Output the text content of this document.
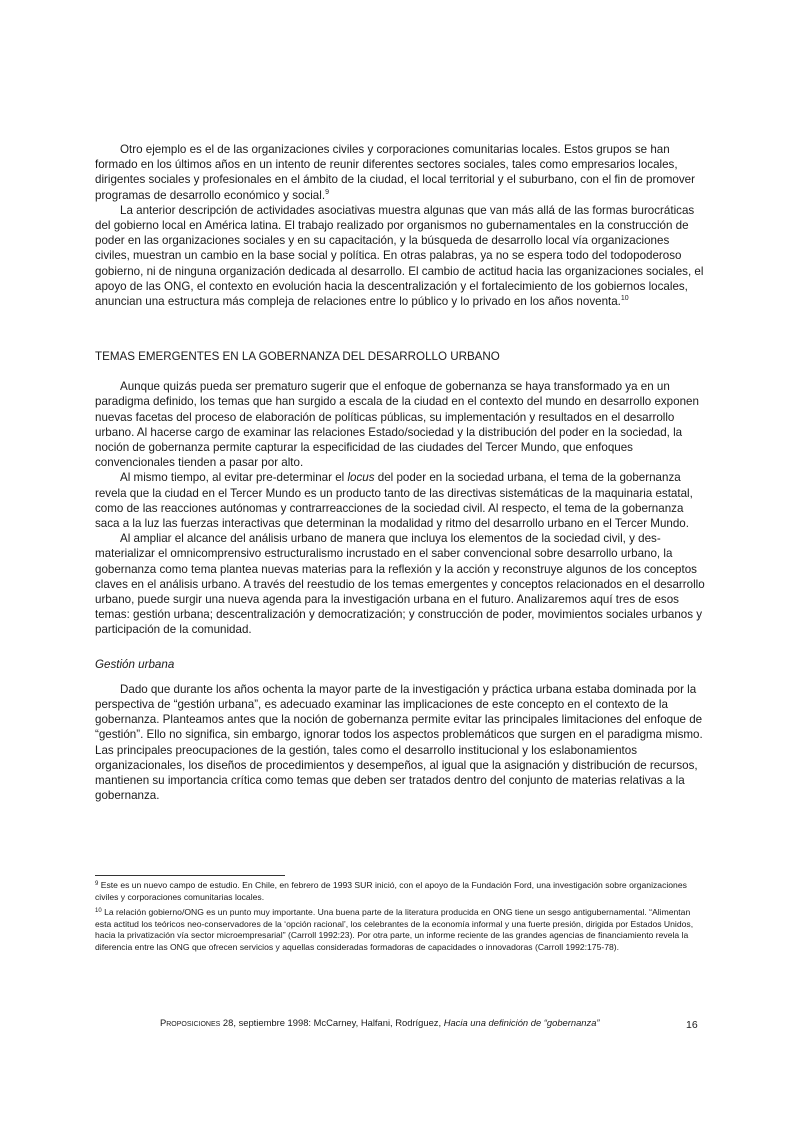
Otro ejemplo es el de las organizaciones civiles y corporaciones comunitarias locales. Estos grupos se han formado en los últimos años en un intento de reunir diferentes sectores sociales, tales como empresarios locales, dirigentes sociales y profesionales en el ámbito de la ciudad, el local territorial y el suburbano, con el fin de promover programas de desarrollo económico y social.$^9$

La anterior descripción de actividades asociativas muestra algunas que van más allá de las formas burocráticas del gobierno local en América latina. El trabajo realizado por organismos no gubernamentales en la construcción de poder en las organizaciones sociales y en su capacitación, y la búsqueda de desarrollo local vía organizaciones civiles, muestran un cambio en la base social y política. En otras palabras, ya no se espera todo del todopoderoso gobierno, ni de ninguna organización dedicada al desarrollo. El cambio de actitud hacia las organizaciones sociales, el apoyo de las ONG, el contexto en evolución hacia la descentralización y el fortalecimiento de los gobiernos locales, anuncian una estructura más compleja de relaciones entre lo público y lo privado en los años noventa.$^{10}$

TEMAS EMERGENTES EN LA GOBERNANZA DEL DESARROLLO URBANO

Aunque quizás pueda ser prematuro sugerir que el enfoque de gobernanza se haya transformado ya en un paradigma definido, los temas que han surgido a escala de la ciudad en el contexto del mundo en desarrollo exponen nuevas facetas del proceso de elaboración de políticas públicas, su implementación y resultados en el desarrollo urbano. Al hacerse cargo de examinar las relaciones Estado/sociedad y la distribución del poder en la sociedad, la noción de gobernanza permite capturar la especificidad de las ciudades del Tercer Mundo, que enfoques convencionales tienden a pasar por alto.

Al mismo tiempo, al evitar pre-determinar el locus del poder en la sociedad urbana, el tema de la gobernanza revela que la ciudad en el Tercer Mundo es un producto tanto de las directivas sistemáticas de la maquinaria estatal, como de las reacciones autónomas y contrarreacciones de la sociedad civil. Al respecto, el tema de la gobernanza saca a la luz las fuerzas interactivas que determinan la modalidad y ritmo del desarrollo urbano en el Tercer Mundo.

Al ampliar el alcance del análisis urbano de manera que incluya los elementos de la sociedad civil, y des-materializar el omnicomprensivo estructuralismo incrustado en el saber convencional sobre desarrollo urbano, la gobernanza como tema plantea nuevas materias para la reflexión y la acción y reconstruye algunos de los conceptos claves en el análisis urbano. A través del reestudio de los temas emergentes y conceptos relacionados en el desarrollo urbano, puede surgir una nueva agenda para la investigación urbana en el futuro. Analizaremos aquí tres de esos temas: gestión urbana; descentralización y democratización; y construcción de poder, movimientos sociales urbanos y participación de la comunidad.

Gestión urbana

Dado que durante los años ochenta la mayor parte de la investigación y práctica urbana estaba dominada por la perspectiva de “gestión urbana”, es adecuado examinar las implicaciones de este concepto en el contexto de la gobernanza. Planteamos antes que la noción de gobernanza permite evitar las principales limitaciones del enfoque de “gestión”. Ello no significa, sin embargo, ignorar todos los aspectos problemáticos que surgen en el paradigma mismo. Las principales preocupaciones de la gestión, tales como el desarrollo institucional y los eslabonamientos organizacionales, los diseños de procedimientos y desempeños, al igual que la asignación y distribución de recursos, mantienen su importancia crítica como temas que deben ser tratados dentro del conjunto de materias relativas a la gobernanza.

$^9$ Este es un nuevo campo de estudio. En Chile, en febrero de 1993 SUR inició, con el apoyo de la Fundación Ford, una investigación sobre organizaciones civiles y corporaciones comunitarias locales.

$^{10}$ La relación gobierno/ONG es un punto muy importante. Una buena parte de la literatura producida en ONG tiene un sesgo antigubernamental. “Alimentan esta actitud los teóricos neo-conservadores de la ‘opción racional’, los celebrantes de la economía informal y una fuerte presión, dirigida por Estados Unidos, hacia la privatización vía sector microempresarial” (Carroll 1992:23). Por otra parte, un informe reciente de las grandes agencias de financiamiento revela la diferencia entre las ONG que ofrecen servicios y aquellas consideradas formadoras de capacidades o innovadoras (Carroll 1992:175-78).

Proposiciones 28, septiembre 1998: McCarney, Halfani, Rodríguez, Hacia una definición de “gobernanza”	16
